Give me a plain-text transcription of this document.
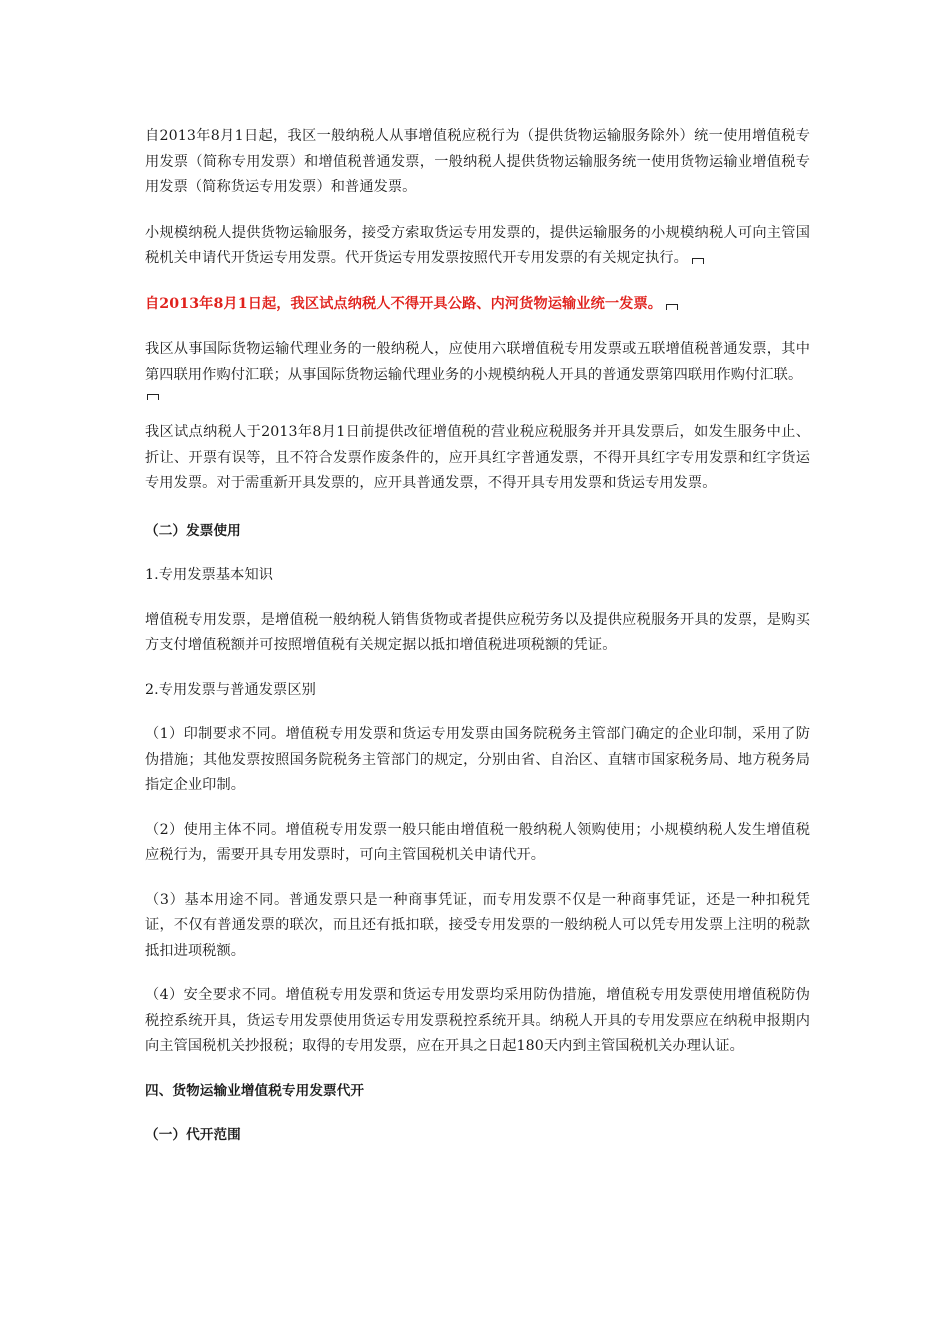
自2013年8月1日起，我区一般纳税人从事增值税应税行为（提供货物运输服务除外）统一使用增值税专用发票（简称专用发票）和增值税普通发票，一般纳税人提供货物运输服务统一使用货物运输业增值税专用发票（简称货运专用发票）和普通发票。

小规模纳税人提供货物运输服务，接受方索取货运专用发票的，提供运输服务的小规模纳税人可向主管国税机关申请代开货运专用发票。代开货运专用发票按照代开专用发票的有关规定执行。

自2013年8月1日起，我区试点纳税人不得开具公路、内河货物运输业统一发票。

我区从事国际货物运输代理业务的一般纳税人，应使用六联增值税专用发票或五联增值税普通发票，其中第四联用作购付汇联；从事国际货物运输代理业务的小规模纳税人开具的普通发票第四联用作购付汇联。

我区试点纳税人于2013年8月1日前提供改征增值税的营业税应税服务并开具发票后，如发生服务中止、折让、开票有误等，且不符合发票作废条件的，应开具红字普通发票，不得开具红字专用发票和红字货运专用发票。对于需重新开具发票的，应开具普通发票，不得开具专用发票和货运专用发票。

（二）发票使用

1.专用发票基本知识

增值税专用发票，是增值税一般纳税人销售货物或者提供应税劳务以及提供应税服务开具的发票，是购买方支付增值税额并可按照增值税有关规定据以抵扣增值税进项税额的凭证。

2.专用发票与普通发票区别

（1）印制要求不同。增值税专用发票和货运专用发票由国务院税务主管部门确定的企业印制，采用了防伪措施；其他发票按照国务院税务主管部门的规定，分别由省、自治区、直辖市国家税务局、地方税务局指定企业印制。

（2）使用主体不同。增值税专用发票一般只能由增值税一般纳税人领购使用；小规模纳税人发生增值税应税行为，需要开具专用发票时，可向主管国税机关申请代开。

（3）基本用途不同。普通发票只是一种商事凭证，而专用发票不仅是一种商事凭证，还是一种扣税凭证，不仅有普通发票的联次，而且还有抵扣联，接受专用发票的一般纳税人可以凭专用发票上注明的税款抵扣进项税额。

（4）安全要求不同。增值税专用发票和货运专用发票均采用防伪措施，增值税专用发票使用增值税防伪税控系统开具，货运专用发票使用货运专用发票税控系统开具。纳税人开具的专用发票应在纳税申报期内向主管国税机关抄报税；取得的专用发票，应在开具之日起180天内到主管国税机关办理认证。

四、货物运输业增值税专用发票代开

（一）代开范围
